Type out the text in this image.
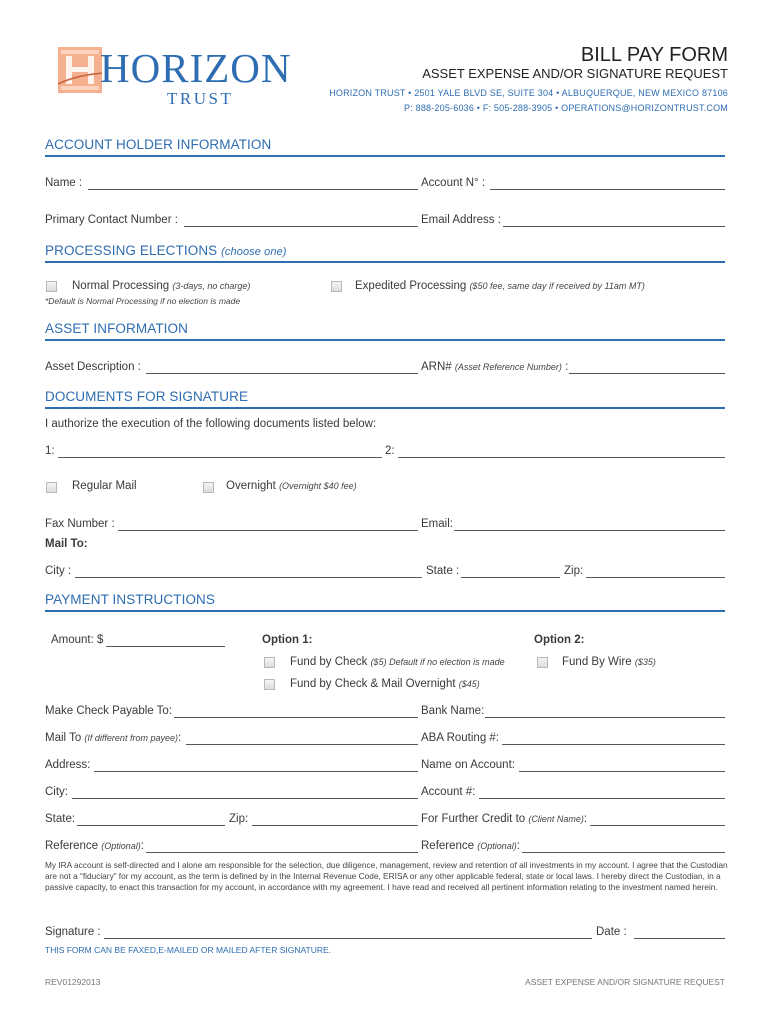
HORIZON
TRUST
BILL PAY FORM
ASSET EXPENSE AND/OR SIGNATURE REQUEST
HORIZON TRUST • 2501 YALE BLVD SE, SUITE 304 • ALBUQUERQUE, NEW MEXICO 87106
P: 888-205-6036 • F: 505-288-3905 • OPERATIONS@HORIZONTRUST.COM
ACCOUNT HOLDER INFORMATION
Name :	Account N° :
Primary Contact Number :	Email Address :
PROCESSING ELECTIONS (choose one)
Normal Processing (3-days, no charge)
*Default is Normal Processing if no election is made
Expedited Processing ($50 fee, same day if received by 11am MT)
ASSET INFORMATION
Asset Description :	ARN# (Asset Reference Number) :
DOCUMENTS FOR SIGNATURE
I authorize the execution of the following documents listed below:
1:	2:
Regular Mail	Overnight (Overnight $40 fee)
Fax Number :	Email:
Mail To:
City :	State :	Zip:
PAYMENT INSTRUCTIONS
Amount: $	Option 1:	Option 2:
Fund by Check ($5) Default if no election is made	Fund By Wire ($35)
Fund by Check & Mail Overnight ($45)
Make Check Payable To:	Bank Name:
Mail To (If different from payee):	ABA Routing #:
Address:	Name on Account:
City:	Account #:
State:	Zip:	For Further Credit to (Client Name):
Reference (Optional):	Reference (Optional):
My IRA account is self-directed and I alone am responsible for the selection, due diligence, management, review and retention of all investments in my account. I agree that the Custodian are not a “fiduciary” for my account, as the term is defined by in the Internal Revenue Code, ERISA or any other applicable federal, state or local laws. I hereby direct the Custodian, in a passive capacity, to enact this transaction for my account, in accordance with my agreement. I have read and received all pertinent information relating to the investment named herein.
Signature :	Date :
THIS FORM CAN BE FAXED,E-MAILED OR MAILED AFTER SIGNATURE.
REV01292013	ASSET EXPENSE AND/OR SIGNATURE REQUEST
